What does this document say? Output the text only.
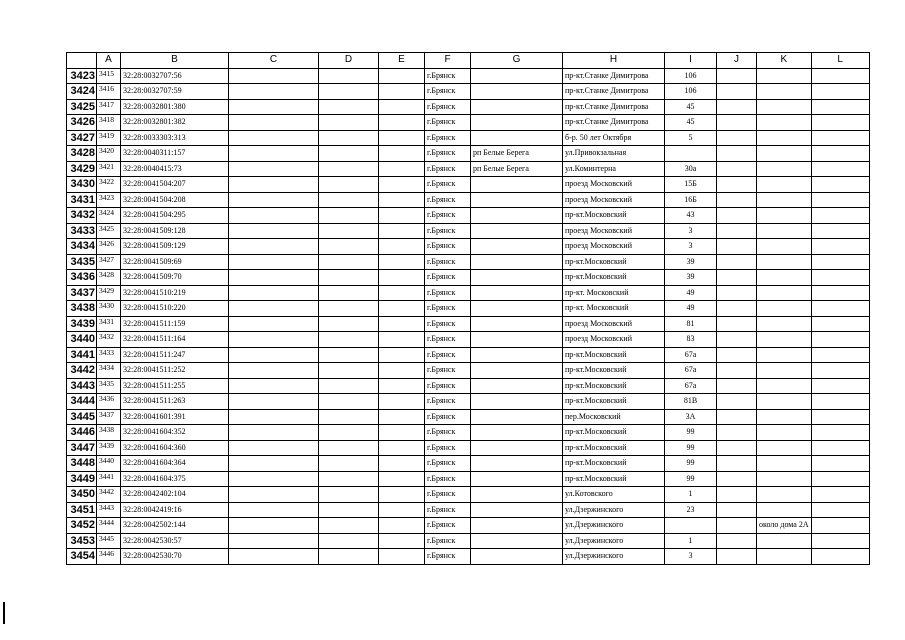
	A	B	C	D	E	F	G	H	I	J	K	L
3423	3415	32:28:0032707:56				г.Брянск		пр-кт.Станке Димитрова	106			
3424	3416	32:28:0032707:59				г.Брянск		пр-кт.Станке Димитрова	106			
3425	3417	32:28:0032801:380				г.Брянск		пр-кт.Станке Димитрова	45			
3426	3418	32:28:0032801:382				г.Брянск		пр-кт.Станке Димитрова	45			
3427	3419	32:28:0033303:313				г.Брянск		б-р. 50 лет Октября	5			
3428	3420	32:28:0040311:157				г.Брянск	рп Белые Берега	ул.Привокзальная				
3429	3421	32:28:0040415:73				г.Брянск	рп Белые Берега	ул.Коминтерна	30а			
3430	3422	32:28:0041504:207				г.Брянск		проезд Московский	15Б			
3431	3423	32:28:0041504:208				г.Брянск		проезд Московский	16Б			
3432	3424	32:28:0041504:295				г.Брянск		пр-кт.Московский	43			
3433	3425	32:28:0041509:128				г.Брянск		проезд Московский	3			
3434	3426	32:28:0041509:129				г.Брянск		проезд Московский	3			
3435	3427	32:28:0041509:69				г.Брянск		пр-кт.Московский	39			
3436	3428	32:28:0041509:70				г.Брянск		пр-кт.Московский	39			
3437	3429	32:28:0041510:219				г.Брянск		пр-кт. Московский	49			
3438	3430	32:28:0041510:220				г.Брянск		пр-кт. Московский	49			
3439	3431	32:28:0041511:159				г.Брянск		проезд Московский	81			
3440	3432	32:28:0041511:164				г.Брянск		проезд Московский	83			
3441	3433	32:28:0041511:247				г.Брянск		пр-кт.Московский	67а			
3442	3434	32:28:0041511:252				г.Брянск		пр-кт.Московский	67а			
3443	3435	32:28:0041511:255				г.Брянск		пр-кт.Московский	67а			
3444	3436	32:28:0041511:263				г.Брянск		пр-кт.Московский	81В			
3445	3437	32:28:0041601:391				г.Брянск		пер.Московский	3А			
3446	3438	32:28:0041604:352				г.Брянск		пр-кт.Московский	99			
3447	3439	32:28:0041604:360				г.Брянск		пр-кт.Московский	99			
3448	3440	32:28:0041604:364				г.Брянск		пр-кт.Московский	99			
3449	3441	32:28:0041604:375				г.Брянск		пр-кт.Московский	99			
3450	3442	32:28:0042402:104				г.Брянск		ул.Котовского	1			
3451	3443	32:28:0042419:16				г.Брянск		ул.Дзержинского	23			
3452	3444	32:28:0042502:144				г.Брянск		ул.Дзержинского			около дома 2А	
3453	3445	32:28:0042530:57				г.Брянск		ул.Дзержинского	1			
3454	3446	32:28:0042530:70				г.Брянск		ул.Дзержинского	3			
